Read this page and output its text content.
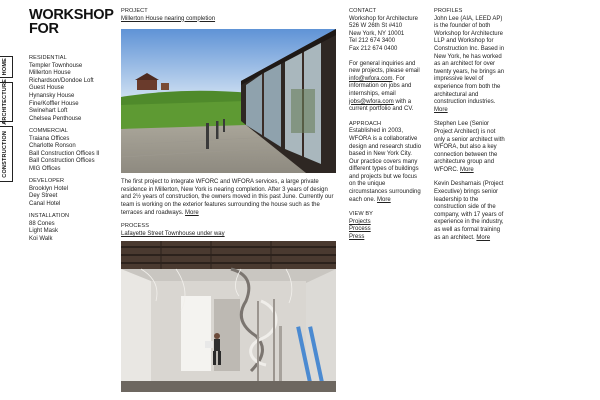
HOME
ARCHITECTURE
CONSTRUCTION
WORKSHOP
FOR
RESIDENTIAL
Templer Townhouse
Millerton House
Richardson/Dondoe Loft
Guest House
Hynansky House
Fine/Koffler House
Swinehart Loft
Chelsea Penthouse
COMMERCIAL
Traiana Offices
Charlotte Ronson
Ball Construction Offices II
Ball Construction Offices
MIG Offices
DEVELOPER
Brooklyn Hotel
Dey Street
Canal Hotel
INSTALLATION
88 Cones
Light Mask
Koi Walk
PROJECT
Millerton House nearing completion

The first project to integrate WFORC and WFORA services, a large private residence in Millerton, New York is nearing completion. After 3 years of design and 2½ years of construction, the owners moved in this past June. Currently our team is working on the exterior features surrounding the house such as the terraces and roadways. More

PROCESS
Lafayette Street Townhouse under way
CONTACT

Workshop for Architecture
526 W 26th St #410
New York, NY 10001
Tel 212 674 3400
Fax 212 674 0400

For general inquiries and new projects, please email info@wfora.com. For information on jobs and internships, email jobs@wfora.com with a current portfolio and CV.

APPROACH

Established in 2003, WFORA is a collaborative design and research studio based in New York City. Our practice covers many different types of buildings and projects but we focus on the unique circumstances surrounding each one. More

VIEW BY
Projects
Process
Press
PROFILES

John Lee (AIA, LEED AP) is the founder of both Workshop for Architecture LLP and Workshop for Construction Inc. Based in New York, he has worked as an architect for over twenty years, he brings an impressive level of experience from both the architectural and construction industries. More

Stephen Lee (Senior Project Architect) is not only a senior architect with WFORA, but also a key connection between the architecture group and WFORC. More

Kevin Desharnais (Project Executive) brings senior leadership to the construction side of the company, with 17 years of experience in the industry, as well as formal training as an architect. More
